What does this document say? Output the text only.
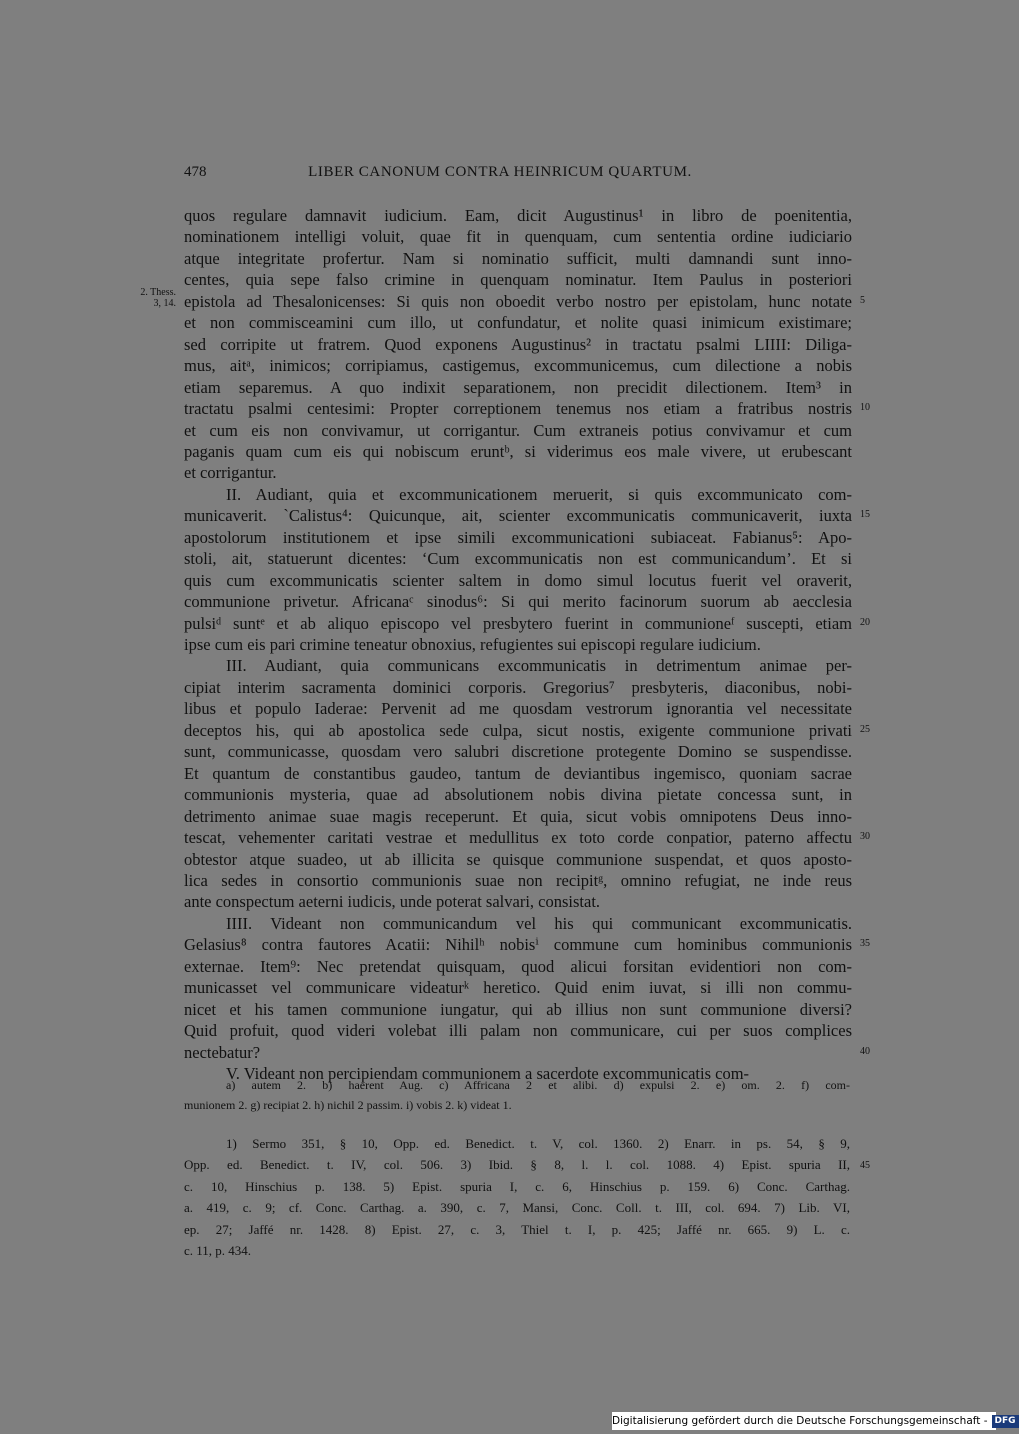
478	LIBER CANONUM CONTRA HEINRICUM QUARTUM.
2. Thess.
3, 14.
quos regulare damnavit iudicium. Eam, dicit Augustinus¹ in libro de poenitentia,
nominationem intelligi voluit, quae fit in quenquam, cum sententia ordine iudiciario
atque integritate profertur. Nam si nominatio sufficit, multi damnandi sunt inno-
centes, quia sepe falso crimine in quenquam nominatur. Item Paulus in posteriori
epistola ad Thesalonicenses: Si quis non oboedit verbo nostro per epistolam, hunc notate
et non commisceamini cum illo, ut confundatur, et nolite quasi inimicum existimare;
sed corripite ut fratrem. Quod exponens Augustinus² in tractatu psalmi LIIII: Diliga-
mus, aitᵃ, inimicos; corripiamus, castigemus, excommunicemus, cum dilectione a nobis
etiam separemus. A quo indixit separationem, non precidit dilectionem. Item³ in
tractatu psalmi centesimi: Propter correptionem tenemus nos etiam a fratribus nostris
et cum eis non convivamur, ut corrigantur. Cum extraneis potius convivamur et cum
paganis quam cum eis qui nobiscum eruntᵇ, si viderimus eos male vivere, ut erubescant
et corrigantur.
II. Audiant, quia et excommunicationem meruerit, si quis excommunicato com-
municaverit. `Calistus⁴: Quicunque, ait, scienter excommunicatis communicaverit, iuxta
apostolorum institutionem et ipse simili excommunicationi subiaceat. Fabianus⁵: Apo-
stoli, ait, statuerunt dicentes: ‘Cum excommunicatis non est communicandum’. Et si
quis cum excommunicatis scienter saltem in domo simul locutus fuerit vel oraverit,
communione privetur. Africanaᶜ sinodus⁶: Si qui merito facinorum suorum ab aecclesia
pulsiᵈ suntᵉ et ab aliquo episcopo vel presbytero fuerint in communioneᶠ suscepti, etiam
ipse cum eis pari crimine teneatur obnoxius, refugientes sui episcopi regulare iudicium.
III. Audiant, quia communicans excommunicatis in detrimentum animae per-
cipiat interim sacramenta dominici corporis. Gregorius⁷ presbyteris, diaconibus, nobi-
libus et populo Iaderae: Pervenit ad me quosdam vestrorum ignorantia vel necessitate
deceptos his, qui ab apostolica sede culpa, sicut nostis, exigente communione privati
sunt, communicasse, quosdam vero salubri discretione protegente Domino se suspendisse.
Et quantum de constantibus gaudeo, tantum de deviantibus ingemisco, quoniam sacrae
communionis mysteria, quae ad absolutionem nobis divina pietate concessa sunt, in
detrimento animae suae magis receperunt. Et quia, sicut vobis omnipotens Deus inno-
tescat, vehementer caritati vestrae et medullitus ex toto corde conpatior, paterno affectu
obtestor atque suadeo, ut ab illicita se quisque communione suspendat, et quos aposto-
lica sedes in consortio communionis suae non recipitᵍ, omnino refugiat, ne inde reus
ante conspectum aeterni iudicis, unde poterat salvari, consistat.
IIII. Videant non communicandum vel his qui communicant excommunicatis.
Gelasius⁸ contra fautores Acatii: Nihilʰ nobisⁱ commune cum hominibus communionis
externae. Item⁹: Nec pretendat quisquam, quod alicui forsitan evidentiori non com-
municasset vel communicare videaturᵏ heretico. Quid enim iuvat, si illi non commu-
nicet et his tamen communione iungatur, qui ab illius non sunt communione diversi?
Quid profuit, quod videri volebat illi palam non communicare, cui per suos complices
nectebatur?
V. Videant non percipiendam communionem a sacerdote excommunicatis com-
5
10
15
20
25
30
35
40
a) autem 2. b) haerent Aug. c) Affricana 2 et alibi. d) expulsi 2. e) om. 2. f) com-
munionem 2. g) recipiat 2. h) nichil 2 passim. i) vobis 2. k) videat 1.
1) Sermo 351, § 10, Opp. ed. Benedict. t. V, col. 1360. 2) Enarr. in ps. 54, § 9,
Opp. ed. Benedict. t. IV, col. 506. 3) Ibid. § 8, l. l. col. 1088. 4) Epist. spuria II,
c. 10, Hinschius p. 138. 5) Epist. spuria I, c. 6, Hinschius p. 159. 6) Conc. Carthag.
a. 419, c. 9; cf. Conc. Carthag. a. 390, c. 7, Mansi, Conc. Coll. t. III, col. 694. 7) Lib. VI,
ep. 27; Jaffé nr. 1428. 8) Epist. 27, c. 3, Thiel t. I, p. 425; Jaffé nr. 665. 9) L. c.
c. 11, p. 434.
45
Digitalisierung gefördert durch die Deutsche Forschungsgemeinschaft - DFG
